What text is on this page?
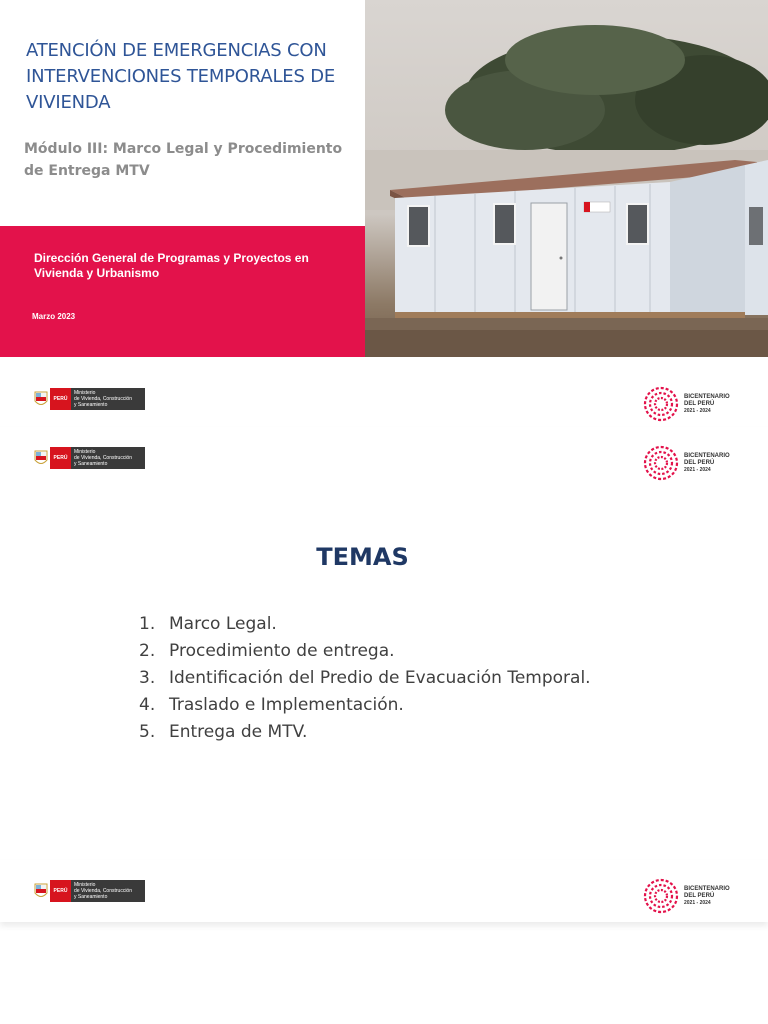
ATENCIÓN DE EMERGENCIAS CON INTERVENCIONES TEMPORALES DE VIVIENDA

Módulo III: Marco Legal y Procedimiento de Entrega MTV

Dirección General de Programas y Proyectos en Vivienda y Urbanismo

Marzo 2023

PERÚ
Ministerio
de Vivienda, Construcción
y Saneamiento
BICENTENARIO
DEL PERÚ
2021 - 2024
PERÚ
Ministerio
de Vivienda, Construcción
y Saneamiento
BICENTENARIO
DEL PERÚ
2021 - 2024
TEMAS
1. Marco Legal.
2. Procedimiento de entrega.
3. Identificación del Predio de Evacuación Temporal.
4. Traslado e Implementación.
5. Entrega de MTV.
PERÚ
Ministerio
de Vivienda, Construcción
y Saneamiento
BICENTENARIO
DEL PERÚ
2021 - 2024
